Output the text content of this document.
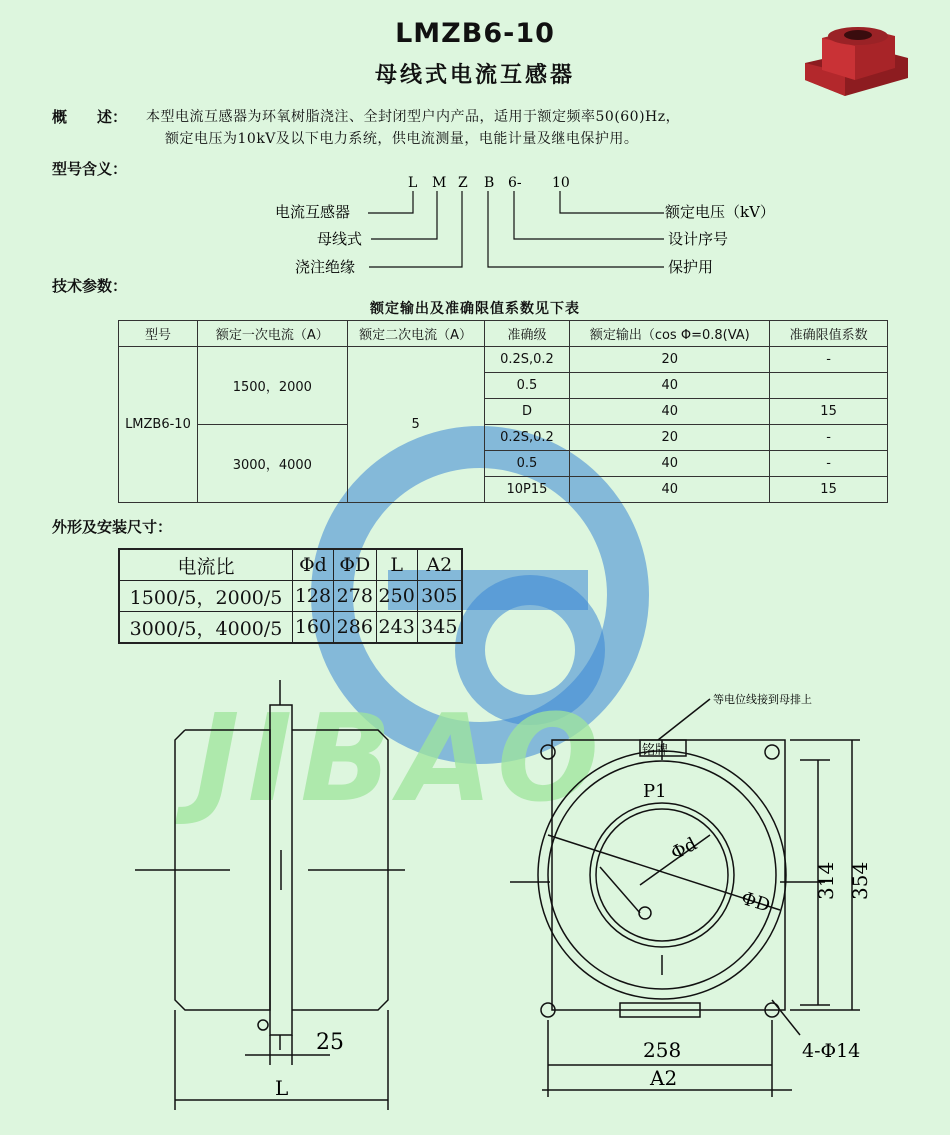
JIBAO
LMZB6-10
母线式电流互感器
概　　述： 本型电流互感器为环氧树脂浇注、全封闭型户内产品，适用于额定频率50(60)Hz，
额定电压为10kV及以下电力系统，供电流测量，电能计量及继电保护用。
型号含义：
L M Z B 6- 10
电流互感器
母线式
浇注绝缘
额定电压（kV）
设计序号
保护用
技术参数：
额定输出及准确限值系数见下表
型号	额定一次电流（A）	额定二次电流（A）	准确级	额定输出（cos Φ=0.8(VA)	准确限值系数
LMZB6-10	1500，2000	5	0.2S,0.2	20	-
			0.5	40	
			D	40	15
	3000，4000		0.2S,0.2	20	-
			0.5	40	-
			10P15	40	15
外形及安装尺寸：
电流比	Φd	ΦD	L	A2
1500/5，2000/5	128	278	250	305
3000/5，4000/5	160	286	243	345
25
L
等电位线接到母排上
铭牌
P1
Φd
ΦD
314 354
258
A2
4-Φ14
